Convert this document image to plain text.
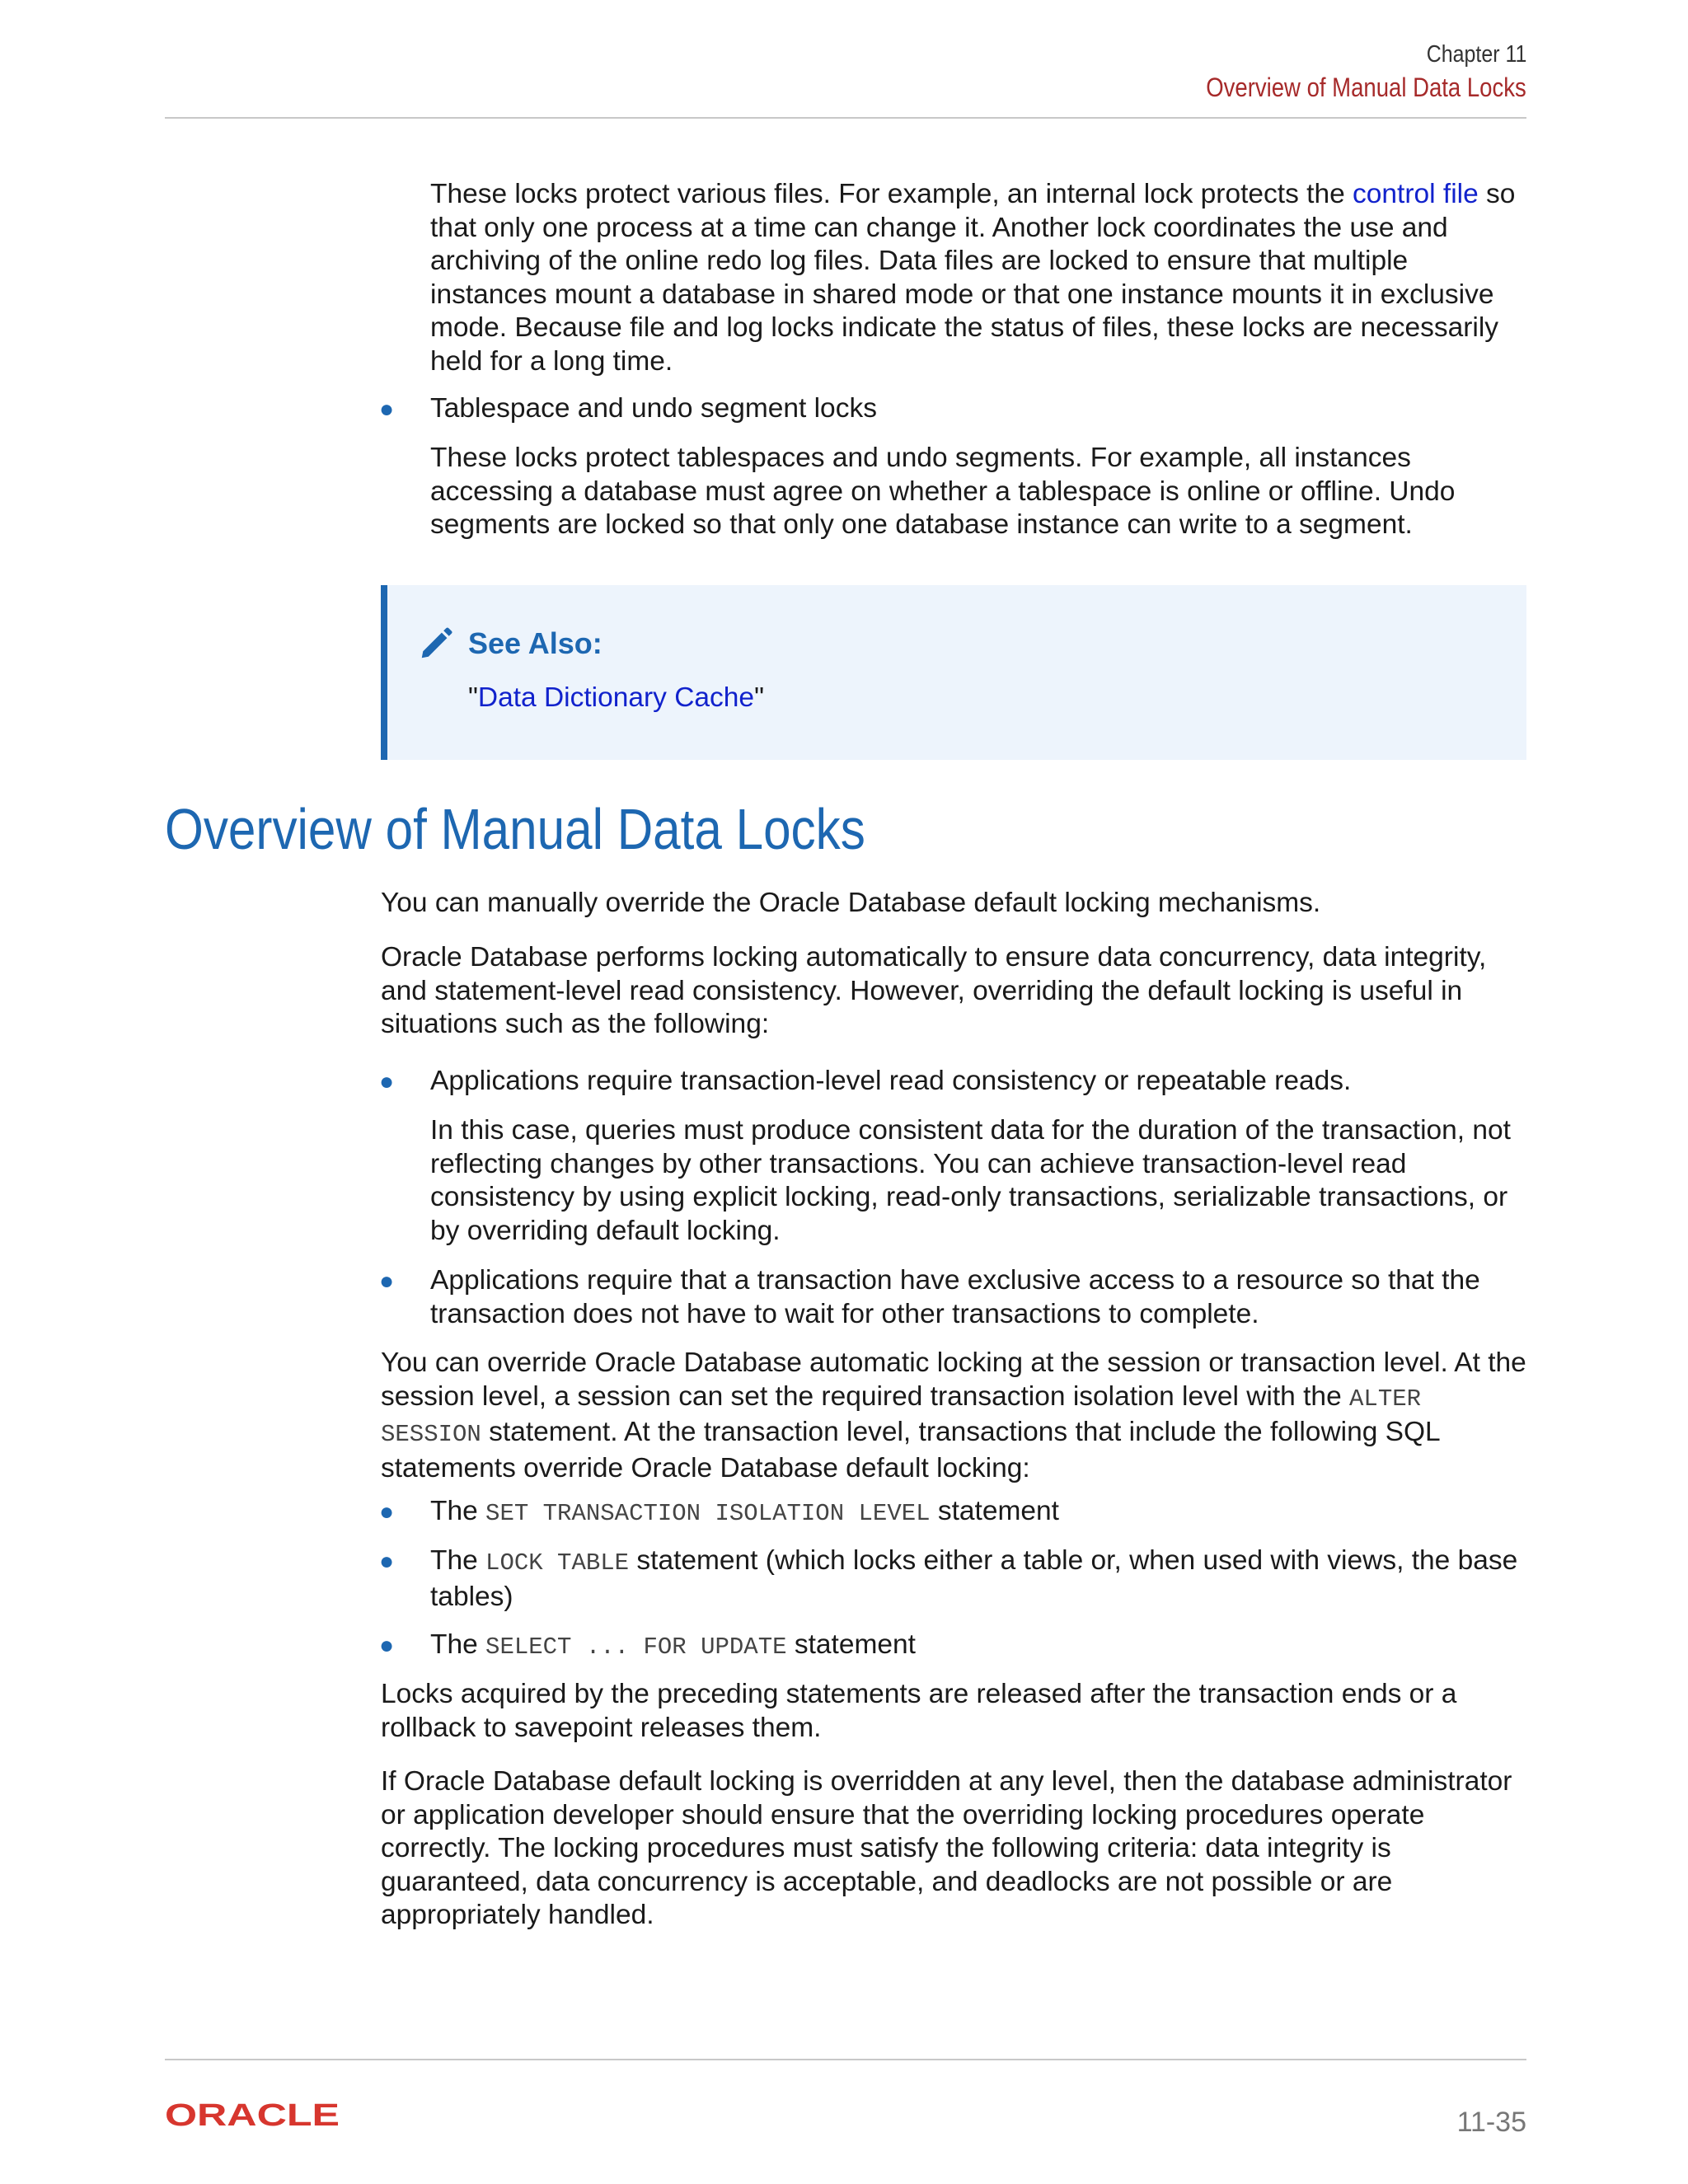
Chapter 11
Overview of Manual Data Locks

These locks protect various files. For example, an internal lock protects the control file so that only one process at a time can change it. Another lock coordinates the use and archiving of the online redo log files. Data files are locked to ensure that multiple instances mount a database in shared mode or that one instance mounts it in exclusive mode. Because file and log locks indicate the status of files, these locks are necessarily held for a long time.

● Tablespace and undo segment locks

These locks protect tablespaces and undo segments. For example, all instances accessing a database must agree on whether a tablespace is online or offline. Undo segments are locked so that only one database instance can write to a segment.

See Also:
"Data Dictionary Cache"
Overview of Manual Data Locks

You can manually override the Oracle Database default locking mechanisms.

Oracle Database performs locking automatically to ensure data concurrency, data integrity, and statement-level read consistency. However, overriding the default locking is useful in situations such as the following:

● Applications require transaction-level read consistency or repeatable reads.

In this case, queries must produce consistent data for the duration of the transaction, not reflecting changes by other transactions. You can achieve transaction-level read consistency by using explicit locking, read-only transactions, serializable transactions, or by overriding default locking.

● Applications require that a transaction have exclusive access to a resource so that the transaction does not have to wait for other transactions to complete.

You can override Oracle Database automatic locking at the session or transaction level. At the session level, a session can set the required transaction isolation level with the ALTER SESSION statement. At the transaction level, transactions that include the following SQL statements override Oracle Database default locking:

● The SET TRANSACTION ISOLATION LEVEL statement

● The LOCK TABLE statement (which locks either a table or, when used with views, the base tables)

● The SELECT ... FOR UPDATE statement

Locks acquired by the preceding statements are released after the transaction ends or a rollback to savepoint releases them.

If Oracle Database default locking is overridden at any level, then the database administrator or application developer should ensure that the overriding locking procedures operate correctly. The locking procedures must satisfy the following criteria: data integrity is guaranteed, data concurrency is acceptable, and deadlocks are not possible or are appropriately handled.

ORACLE	11-35
